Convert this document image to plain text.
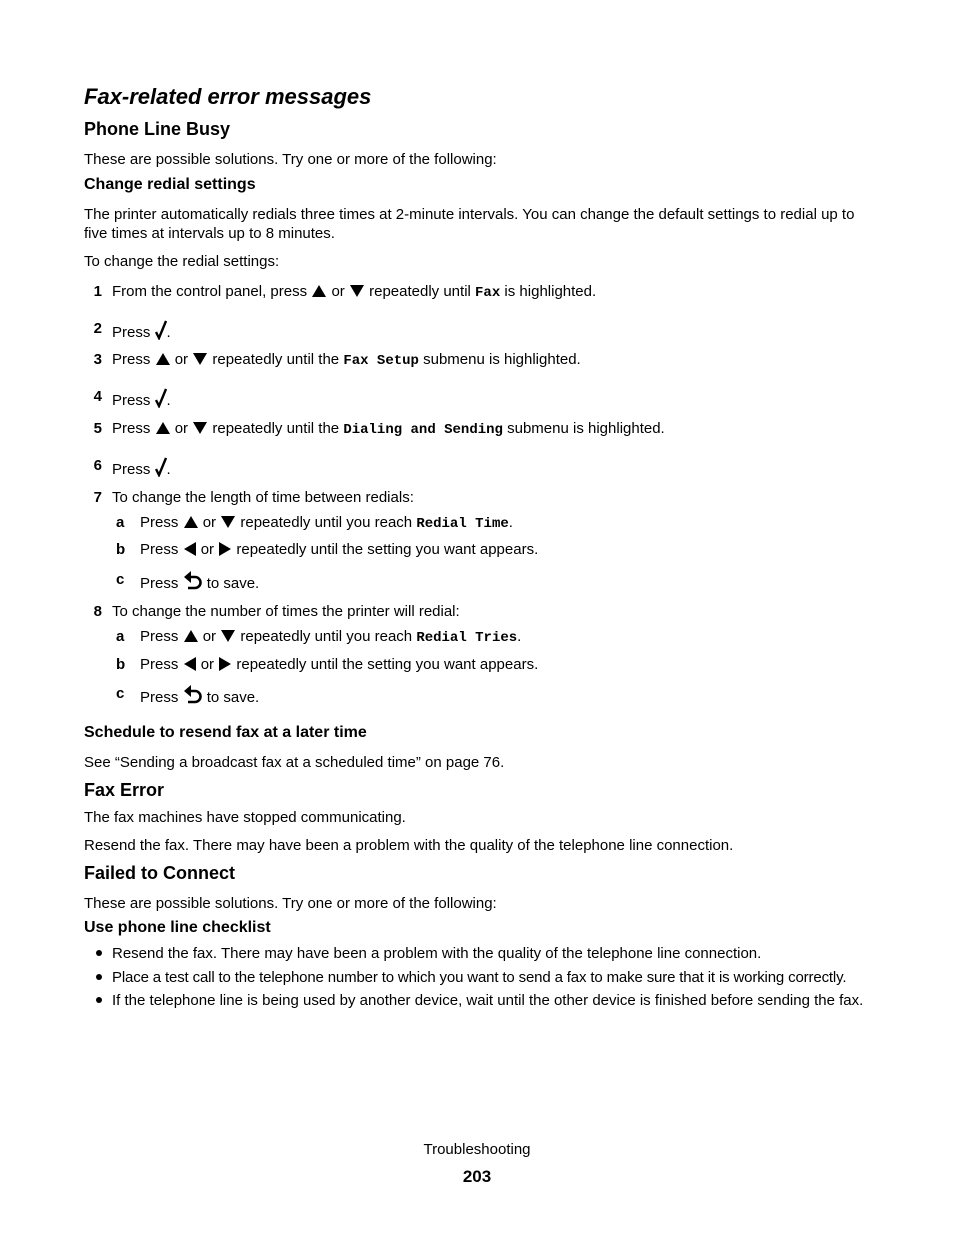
Fax-related error messages
Phone Line Busy

These are possible solutions. Try one or more of the following:

Change redial settings

The printer automatically redials three times at 2-minute intervals. You can change the default settings to redial up to five times at intervals up to 8 minutes.

To change the redial settings:

1 From the control panel, press or repeatedly until Fax is highlighted.
2 Press .
3 Press or repeatedly until the Fax Setup submenu is highlighted.
4 Press .
5 Press or repeatedly until the Dialing and Sending submenu is highlighted.
6 Press .
7 To change the length of time between redials:
a	Press or repeatedly until you reach Redial Time.
b Press or repeatedly until the setting you want appears.
c	Press to save.
8 To change the number of times the printer will redial:
a	Press or repeatedly until you reach Redial Tries.
b Press or repeatedly until the setting you want appears.
c	Press to save.
Schedule to resend fax at a later time

See “Sending a broadcast fax at a scheduled time” on page 76.

Fax Error

The fax machines have stopped communicating.

Resend the fax. There may have been a problem with the quality of the telephone line connection.

Failed to Connect

These are possible solutions. Try one or more of the following:

Use phone line checklist

Resend the fax. There may have been a problem with the quality of the telephone line connection.

Place a test call to the telephone number to which you want to send a fax to make sure that it is working correctly.

If the telephone line is being used by another device, wait until the other device is finished before sending the fax.

Troubleshooting
203
